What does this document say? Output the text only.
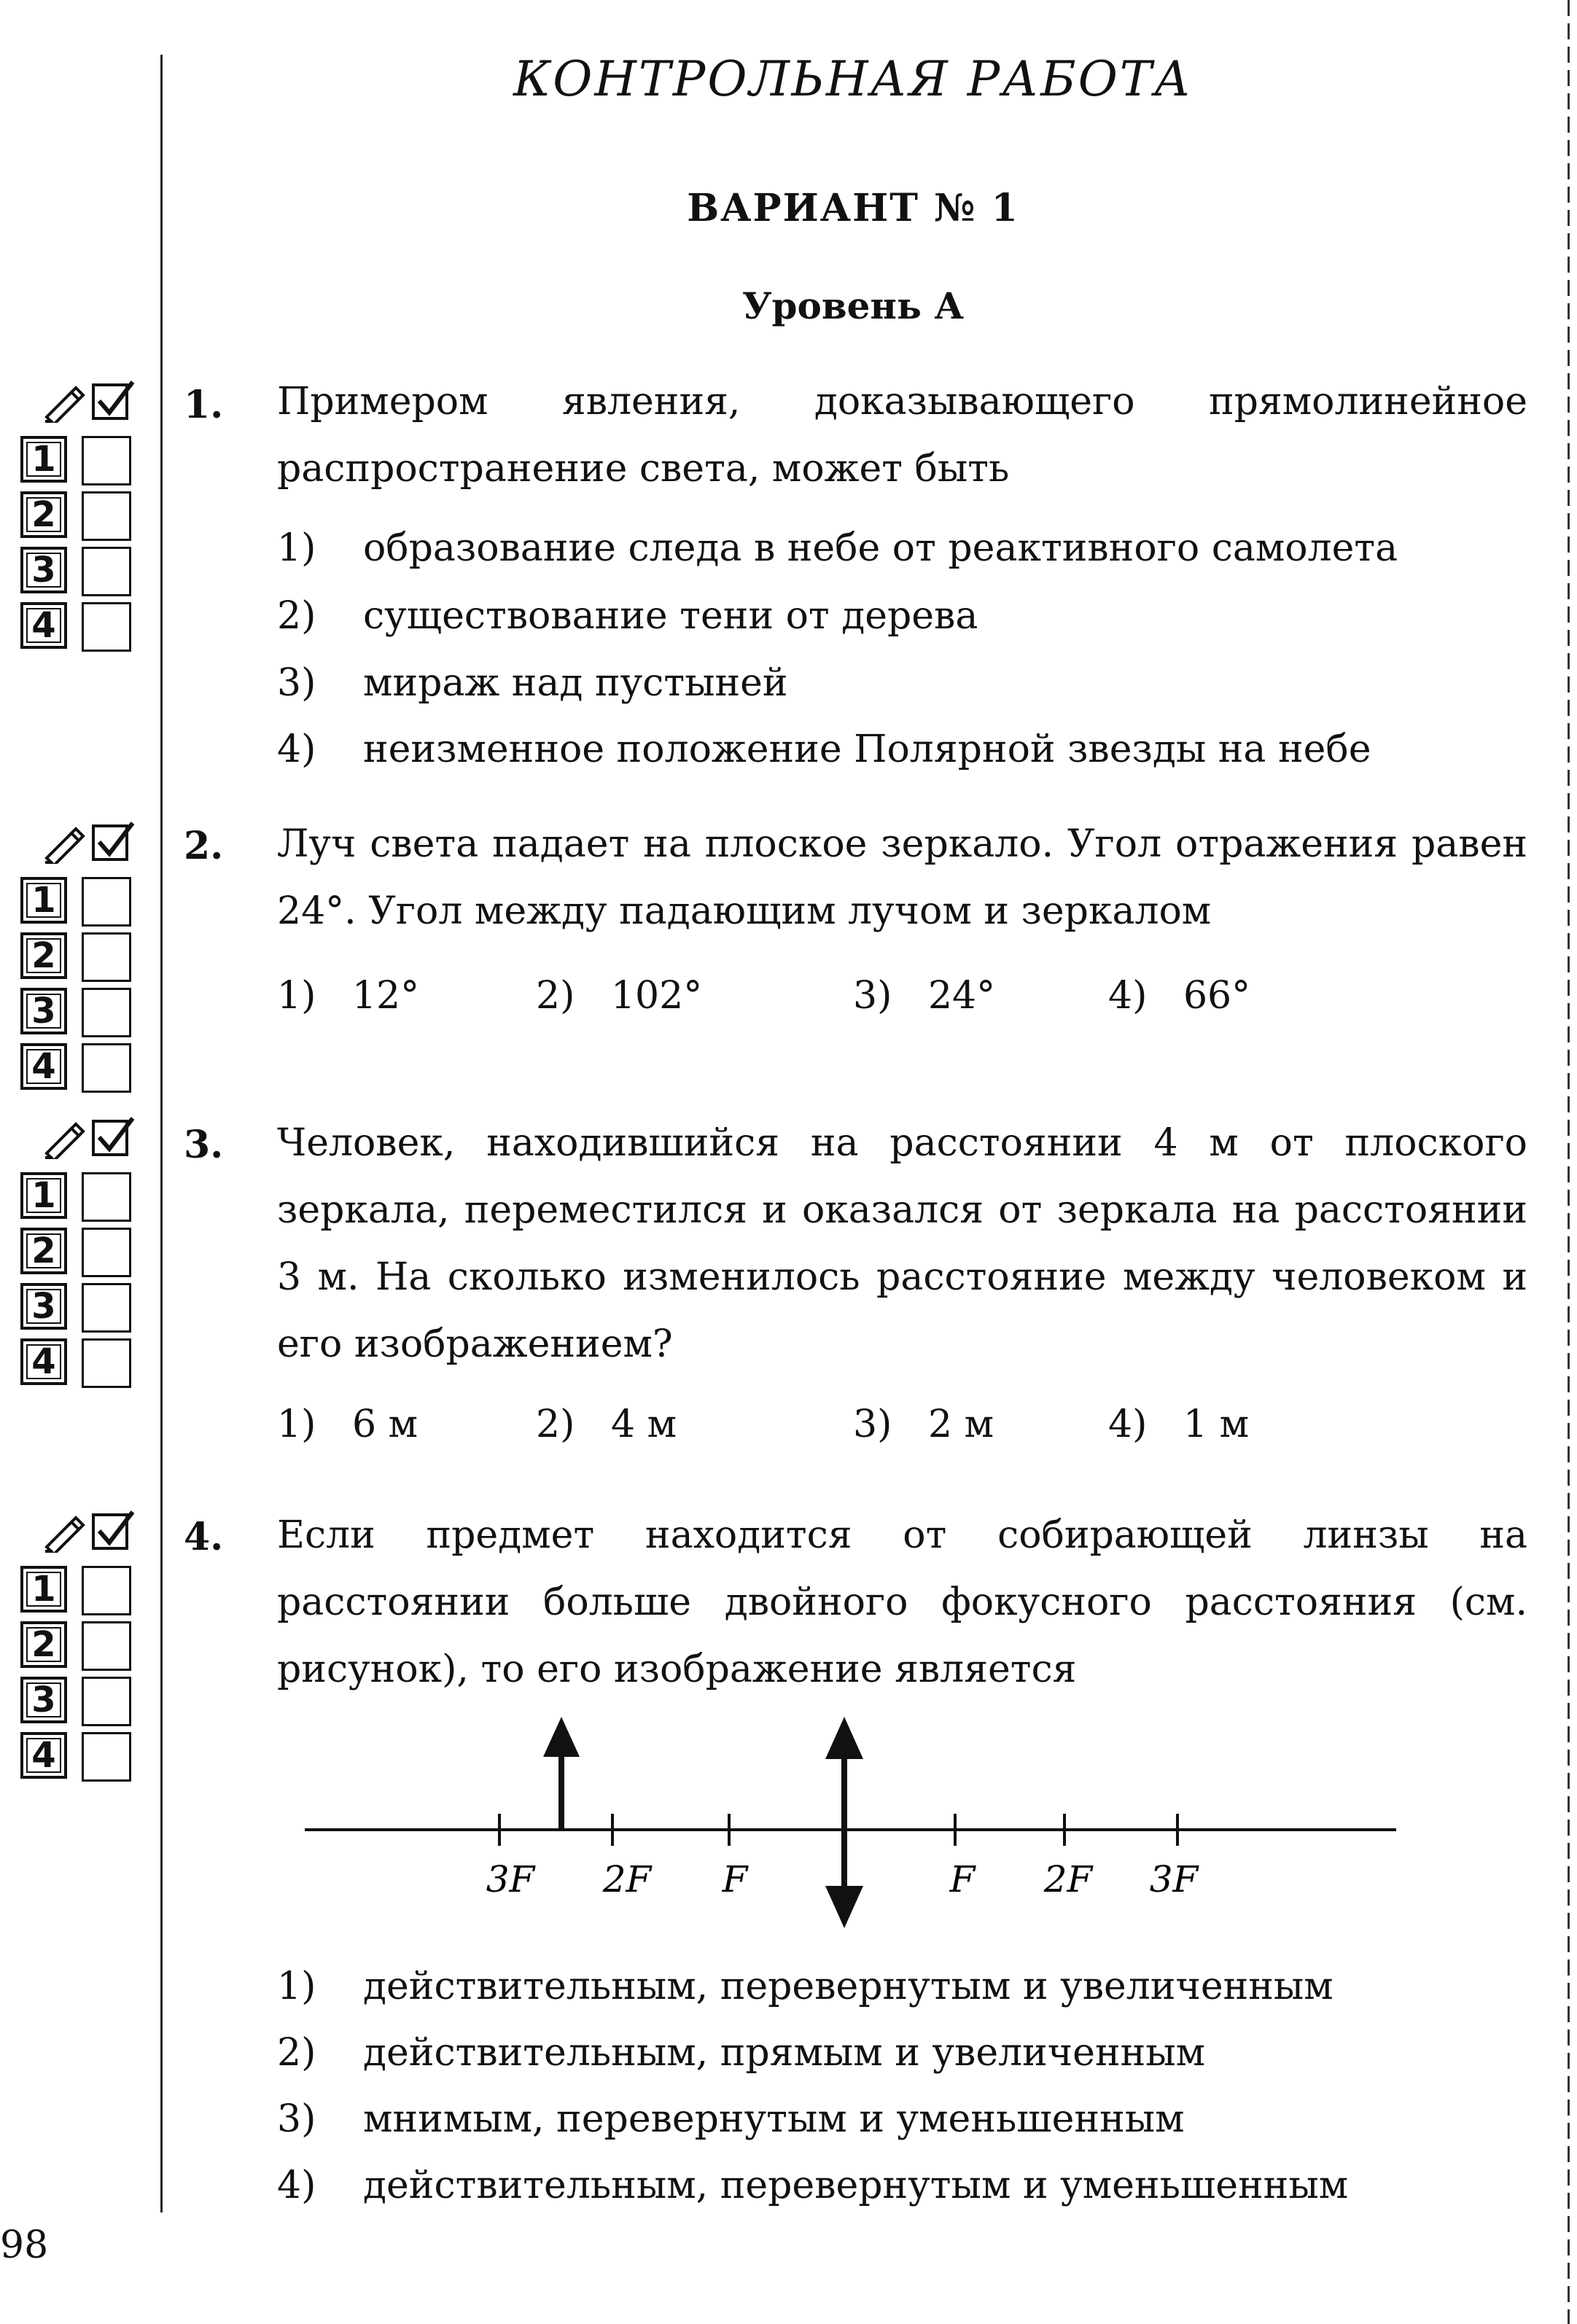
КОНТРОЛЬНАЯ РАБОТА
ВАРИАНТ № 1
Уровень А
1
2
3
4
1
2
3
4
1
2
3
4
1
2
3
4
1. Примером явления, доказывающего прямолинейное распространение света, может быть
1) образование следа в небе от реактивного самолета
2) существование тени от дерева
3) мираж над пустыней
4) неизменное положение Полярной звезды на небе
2. Луч света падает на плоское зеркало. Угол отражения равен 24°. Угол между падающим лучом и зеркалом
1) 12°	2) 102°	3) 24°	4) 66°
3. Человек, находившийся на расстоянии 4 м от плоского зеркала, переместился и оказался от зеркала на расстоянии 3 м. На сколько изменилось расстояние между человеком и его изображением?
1) 6 м	2) 4 м	3) 2 м	4) 1 м
4. Если предмет находится от собирающей линзы на расстоянии больше двойного фокусного расстояния (см. рисунок), то его изображение является
3F 2F F	F 2F 3F
1) действительным, перевернутым и увеличенным
2) действительным, прямым и увеличенным
3) мнимым, перевернутым и уменьшенным
4) действительным, перевернутым и уменьшенным
98
